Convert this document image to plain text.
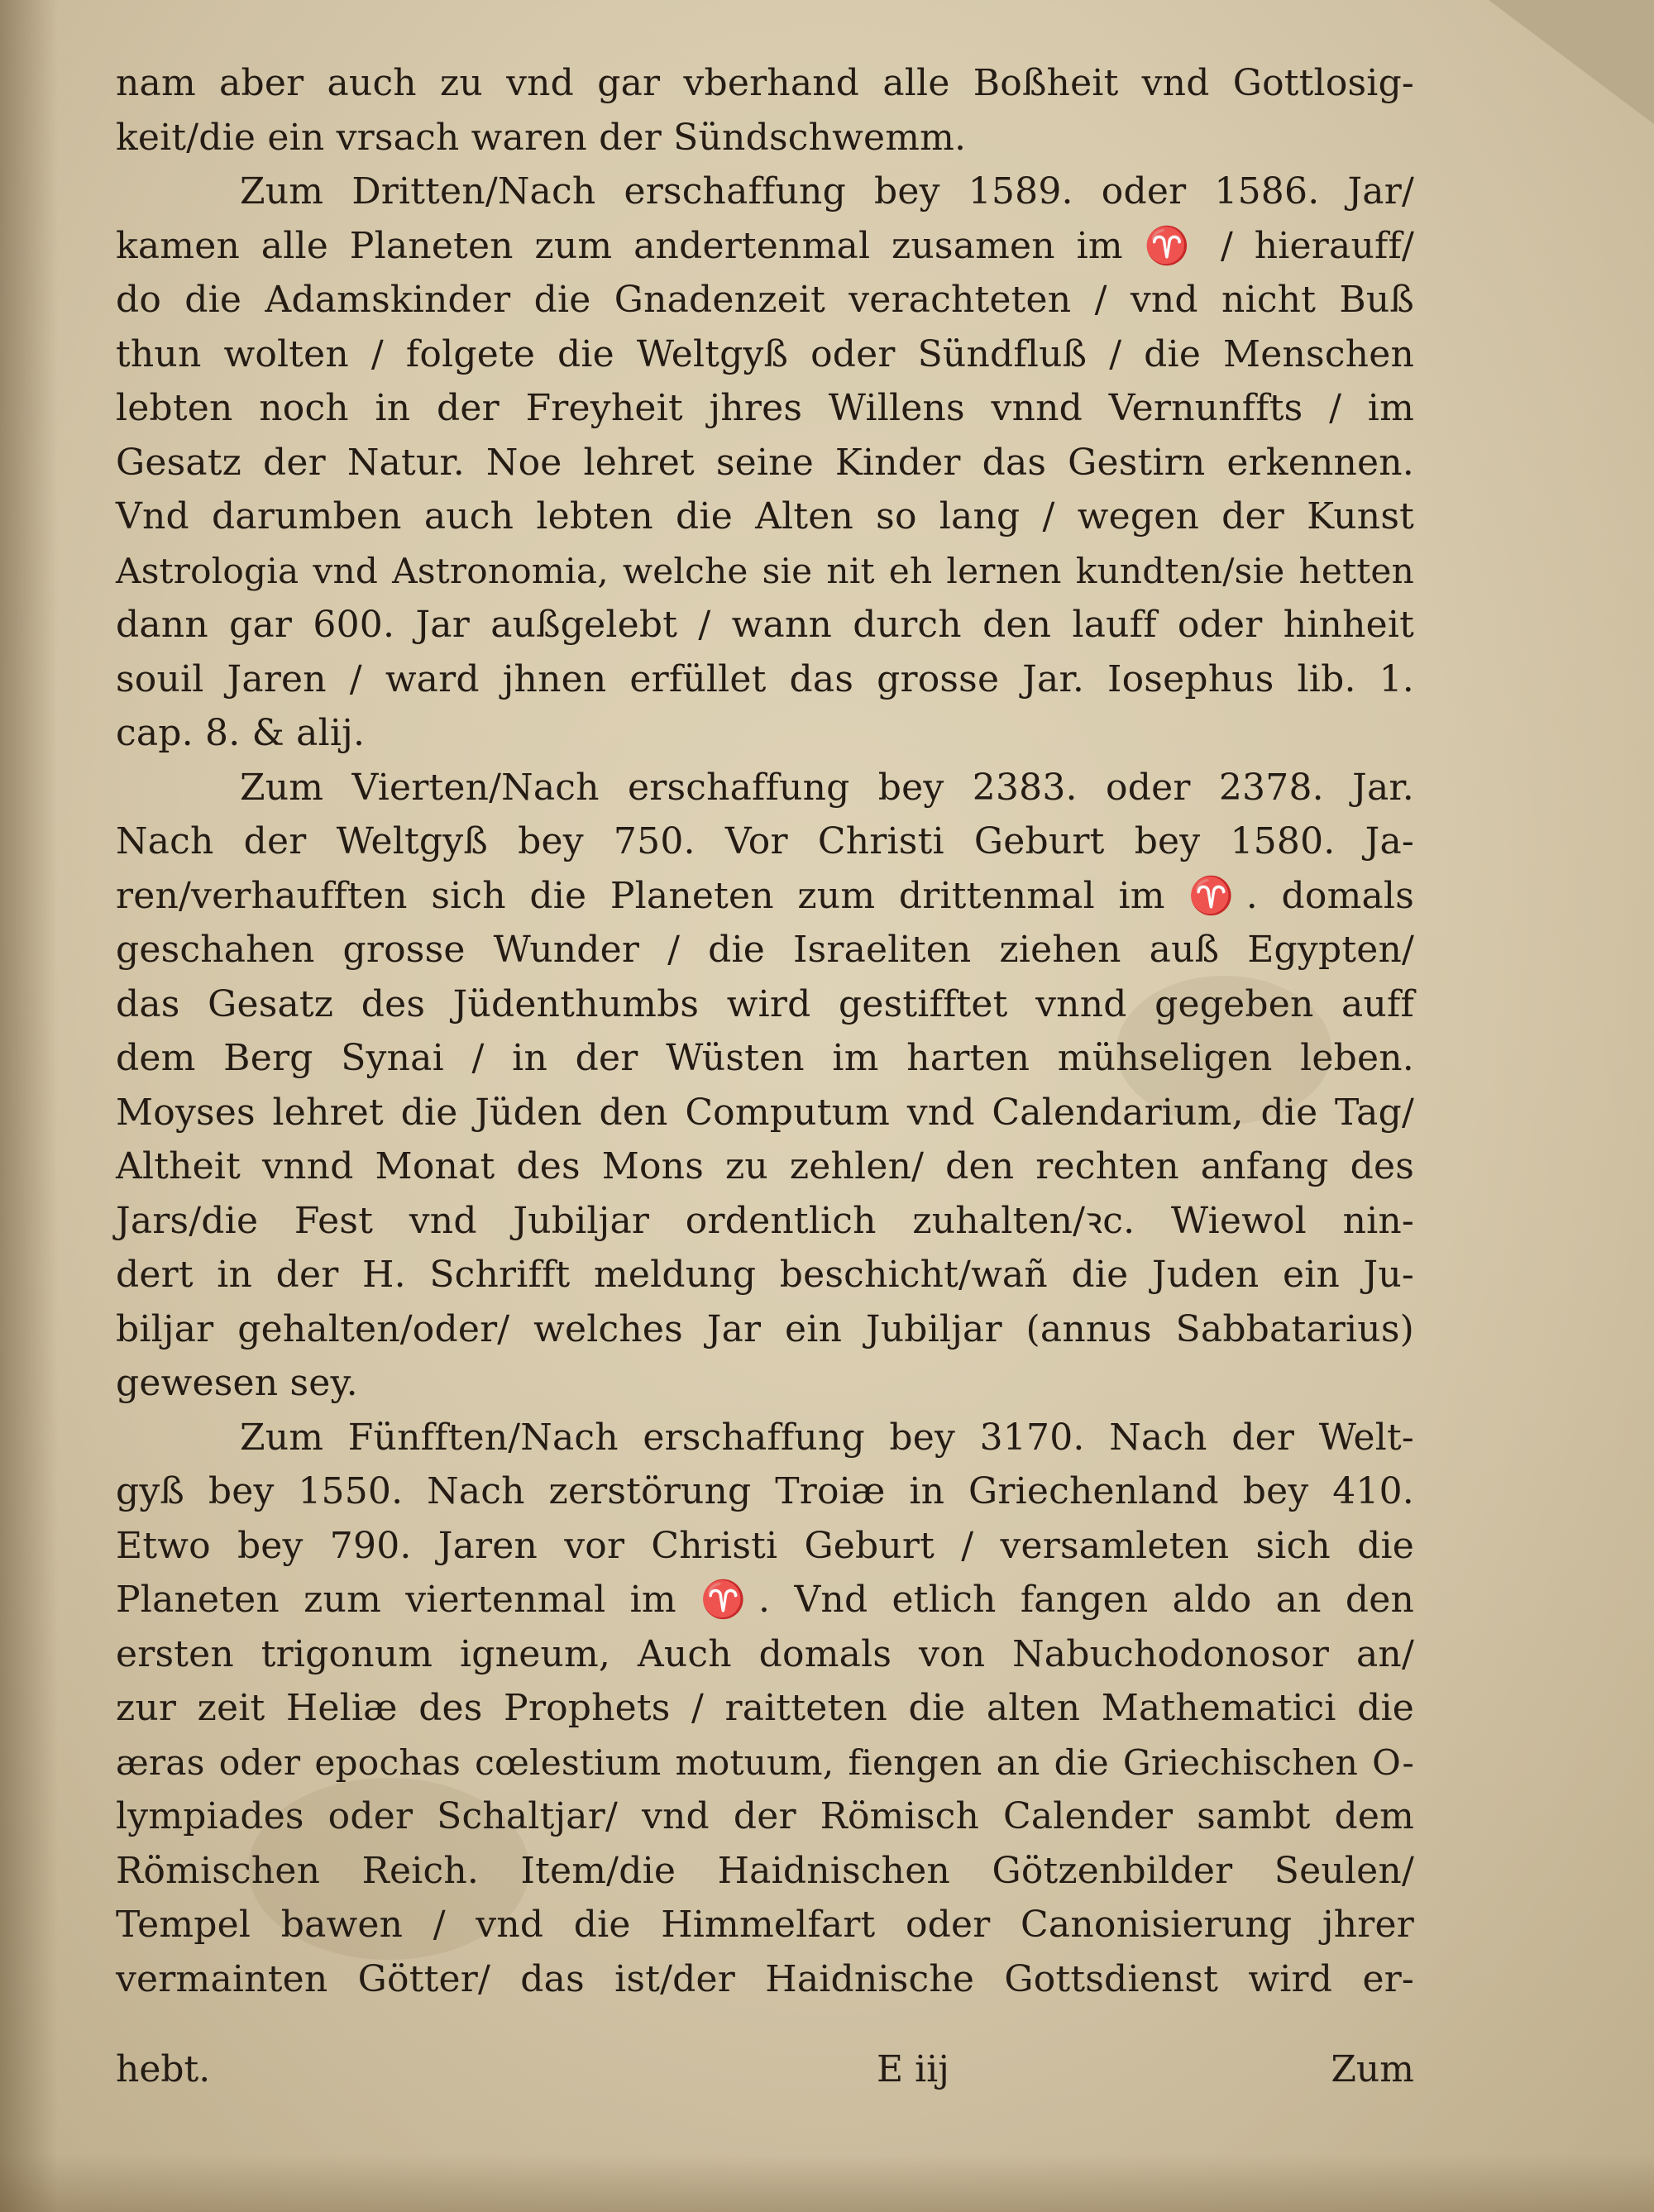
nam aber auch zu vnd gar vberhand alle Boßheit vnd Gottlosig-
keit/die ein vrsach waren der Sündschwemm.
Zum Dritten/Nach erschaffung bey 1589. oder 1586. Jar/
kamen alle Planeten zum andertenmal zusamen im ♈ / hierauff/
do die Adamskinder die Gnadenzeit verachteten / vnd nicht Buß
thun wolten / folgete die Weltgyß oder Sündfluß / die Menschen
lebten noch in der Freyheit jhres Willens vnnd Vernunffts / im
Gesatz der Natur. Noe lehret seine Kinder das Gestirn erkennen.
Vnd darumben auch lebten die Alten so lang / wegen der Kunst
Astrologia vnd Astronomia, welche sie nit eh lernen kundten/sie hetten
dann gar 600. Jar außgelebt / wann durch den lauff oder hinheit
souil Jaren / ward jhnen erfüllet das grosse Jar. Iosephus lib. 1.
cap. 8. & alij.
Zum Vierten/Nach erschaffung bey 2383. oder 2378. Jar.
Nach der Weltgyß bey 750. Vor Christi Geburt bey 1580. Ja-
ren/verhaufften sich die Planeten zum drittenmal im ♈. domals
geschahen grosse Wunder / die Israeliten ziehen auß Egypten/
das Gesatz des Jüdenthumbs wird gestifftet vnnd gegeben auff
dem Berg Synai / in der Wüsten im harten mühseligen leben.
Moyses lehret die Jüden den Computum vnd Calendarium, die Tag/
Altheit vnnd Monat des Mons zu zehlen/ den rechten anfang des
Jars/die Fest vnd Jubiljar ordentlich zuhalten/ꝛc. Wiewol nin-
dert in der H. Schrifft meldung beschicht/wañ die Juden ein Ju-
biljar gehalten/oder/ welches Jar ein Jubiljar (annus Sabbatarius)
gewesen sey.
Zum Fünfften/Nach erschaffung bey 3170. Nach der Welt-
gyß bey 1550. Nach zerstörung Troiæ in Griechenland bey 410.
Etwo bey 790. Jaren vor Christi Geburt / versamleten sich die
Planeten zum viertenmal im ♈. Vnd etlich fangen aldo an den
ersten trigonum igneum, Auch domals von Nabuchodonosor an/
zur zeit Heliæ des Prophets / raitteten die alten Mathematici die
æras oder epochas cœlestium motuum, fiengen an die Griechischen O-
lympiades oder Schaltjar/ vnd der Römisch Calender sambt dem
Römischen Reich. Item/die Haidnischen Götzenbilder Seulen/
Tempel bawen / vnd die Himmelfart oder Canonisierung jhrer
vermainten Götter/ das ist/der Haidnische Gottsdienst wird er-
hebt.	E iij	Zum
